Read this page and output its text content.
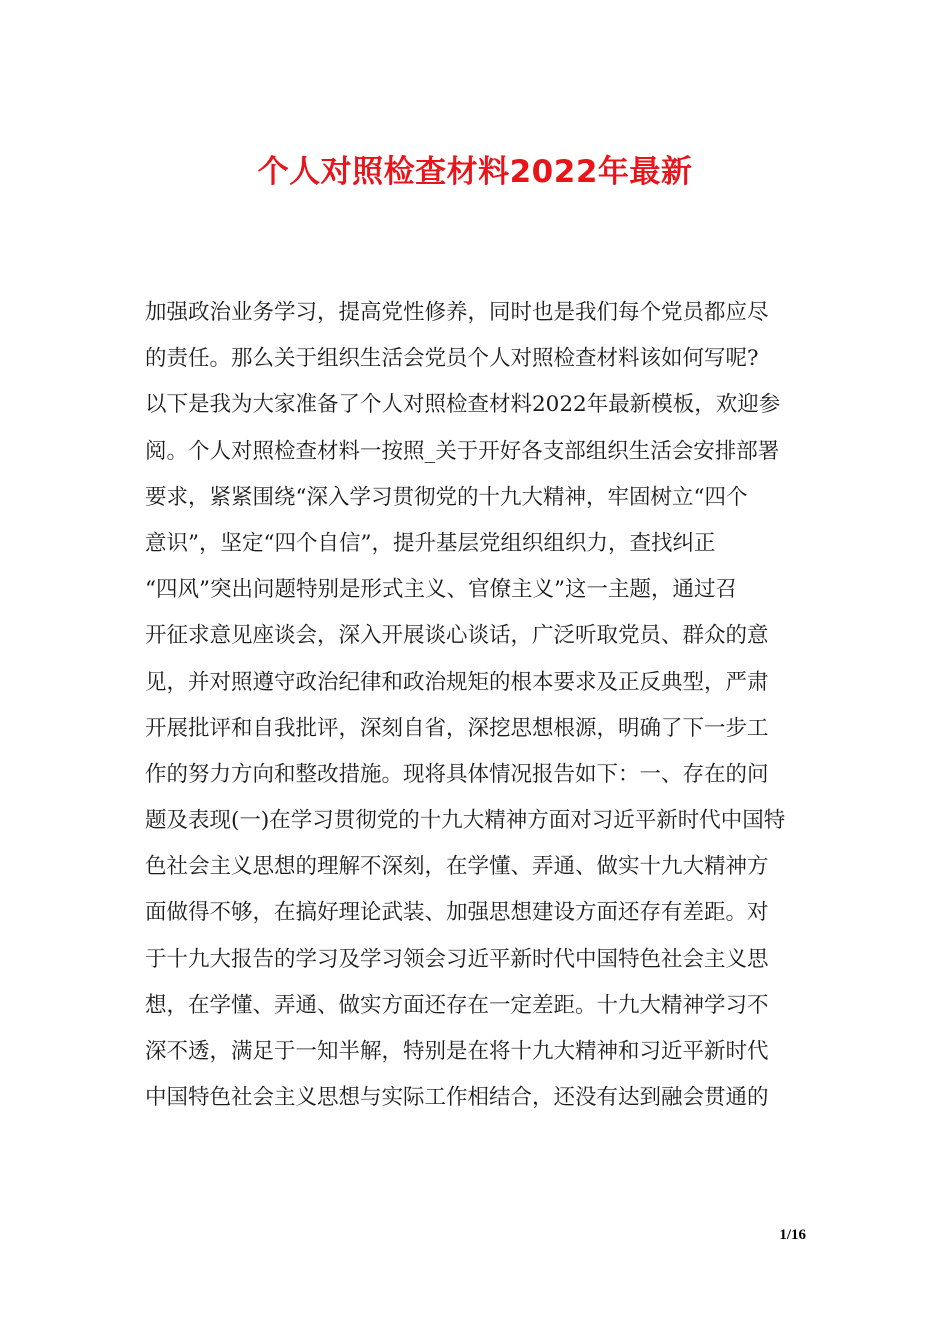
个人对照检查材料2022年最新
加强政治业务学习，提高党性修养，同时也是我们每个党员都应尽
的责任。那么关于组织生活会党员个人对照检查材料该如何写呢?
以下是我为大家准备了个人对照检查材料2022年最新模板，欢迎参
阅。个人对照检查材料一按照_关于开好各支部组织生活会安排部署
要求，紧紧围绕“深入学习贯彻党的十九大精神，牢固树立“四个
意识”，坚定“四个自信”，提升基层党组织组织力，查找纠正
“四风”突出问题特别是形式主义、官僚主义”这一主题，通过召
开征求意见座谈会，深入开展谈心谈话，广泛听取党员、群众的意
见，并对照遵守政治纪律和政治规矩的根本要求及正反典型，严肃
开展批评和自我批评，深刻自省，深挖思想根源，明确了下一步工
作的努力方向和整改措施。现将具体情况报告如下：一、存在的问
题及表现(一)在学习贯彻党的十九大精神方面对习近平新时代中国特
色社会主义思想的理解不深刻，在学懂、弄通、做实十九大精神方
面做得不够，在搞好理论武装、加强思想建设方面还存有差距。对
于十九大报告的学习及学习领会习近平新时代中国特色社会主义思
想，在学懂、弄通、做实方面还存在一定差距。十九大精神学习不
深不透，满足于一知半解，特别是在将十九大精神和习近平新时代
中国特色社会主义思想与实际工作相结合，还没有达到融会贯通的
1/16
